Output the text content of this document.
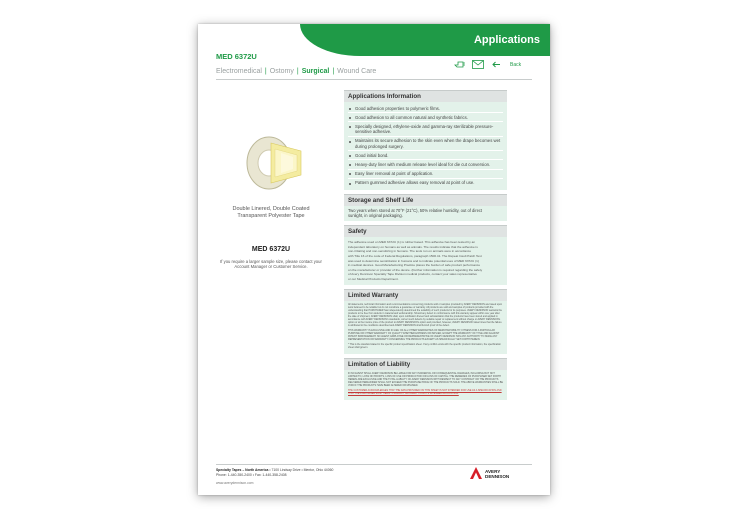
Applications
MED 6372U
Electromedical | Ostomy | Surgical | Wound Care
Back
Double Linered, Double Coated
Transparent Polyester Tape
MED 6372U
If you require a larger sample size, please contact your
Account Manager or Customer Service.
Applications Information
Good adhesion properties to polymeric films.
Good adhesion to all common natural and synthetic fabrics.
Specially designed, ethylene-oxide and gamma-ray sterilizable pressure-sensitive adhesive.
Maintains its secure adhesion to the skin even when the drape becomes wet during prolonged surgery.
Good initial bond.
Heavy-duty liner with medium release level ideal for die cut conversion.
Easy liner removal at point of application.
Pattern gummed adhesive allows easy removal at point of use.
Storage and Shelf Life
Two years when stored at 70°F (21°C), 50% relative humidity, out of direct
sunlight, in original packaging.
Safety
The adhesive used on MED 6372U (1) is rubber based. This adhesive has been tested by an
independent laboratory on humans as well as animals. The results indicate that the adhesive is
non-irritating and non-sensitizing in humans. The tests run on animals were in accordance
with Title 16 of the code of Federal Regulations, paragraph 1500.41. The Repeat Insult Patch Test
was used to determine sensitization in humans and to indicate potential uses of MED 6372U (1)
in medical devices. Good Manufacturing Practice places the burden of safe product performance
on the manufacturer or provider of the device. (Further information is required regarding the safety
of Avery Dennison Specialty Tape Division medical products, contact your sales representative
or our Medical Products Department.
Limited Warranty
All statements, technical information and recommendations concerning products sold or samples provided by AVERY DENNISON are based upon tests believed to be reliable but do not constitute a guarantee or warranty. All products are sold and samples of products provided with the understanding that PURCHASER has independently determined the suitability of such products for its purposes. AVERY DENNISON warrants the products to be free from defects in material and workmanship. Should any defect in conformance with this warranty appear within one year after the date of shipment, AVERY DENNISON shall, upon notification thereof and substantiation that the products have been stored and applied in accordance with AVERY DENNISON's standards, correct such defects by suitable repair or replacement without charge or AVERY DENNISON's option or at the invoice price of the product to AVERY DENNISON's option and provided, however, AVERY DENNISON determines that the failure is attributed to the conditions described and AVERY DENNISON shall furnish proof of the defect.
THIS WARRANTY IS EXCLUSIVE AND IN LIEU OF ALL OTHER WARRANTIES OF MERCHANTABILITY, FITNESS FOR A PARTICULAR PURPOSE OR OTHER WARRANTY OF QUALITY WHETHER EXPRESS OR IMPLIED, EXCEPT THE WARRANTY OF TITLE AND AGAINST PATENT INFRINGEMENT. NO AGENT, EMPLOYEE OR REPRESENTATIVE OF AVERY DENNISON HAS ANY AUTHORITY TO MAKE ANY REPRESENTATION OR WARRANTY CONCERNING THE PRODUCTS EXCEPT AS SPECIFICALLY SET FORTH HEREIN.
* This is the standard stated in the specific product specification sheet. If any conflict exists with the specific product information, the specification sheet shall govern.
Limitation of Liability
IN NO EVENT SHALL AVERY DENNISON BE LIABLE FOR ANY INCIDENTAL OR CONSEQUENTIAL DAMAGES, INCLUDING BUT NOT LIMITED TO, LOSS OF PROFITS, LOSS OF USE OR PRODUCTION OR LOSS OF CAPITAL. THE REMEDIES OF PURCHASER SET FORTH HEREIN ARE EXCLUSIVE AND THE TOTAL LIABILITY OF AVERY DENNISON WITH RESPECT TO ANY CONTRACT OR THE PRODUCTS DELIVERED HEREUNDER SHALL NOT EXCEED THE PURCHASE PRICE OF THE PRODUCTS SOLD. THE ABOVE WARRANTIES SHALL BE VOID IF THE PRODUCTS HAVE BEEN ALTERED OR MISUSED.
THE CUSTOMER ACKNOWLEDGES THAT THE DATA PROVIDED ON THIS SHEET IS NOT INTENDED FOR USE AS A SPECIFICATION AND THAT THE PURCHASER MUST VERIFY PRODUCT SUITABILITY FOR ITS INTENDED APPLICATION.
Specialty Tapes – North America • 7100 Lindsay Drive • Mentor, Ohio 44060
Phone: 1-440-350-2400 • Fax: 1-440-358-2408
www.averydennison.com
AVERY
DENNISON
